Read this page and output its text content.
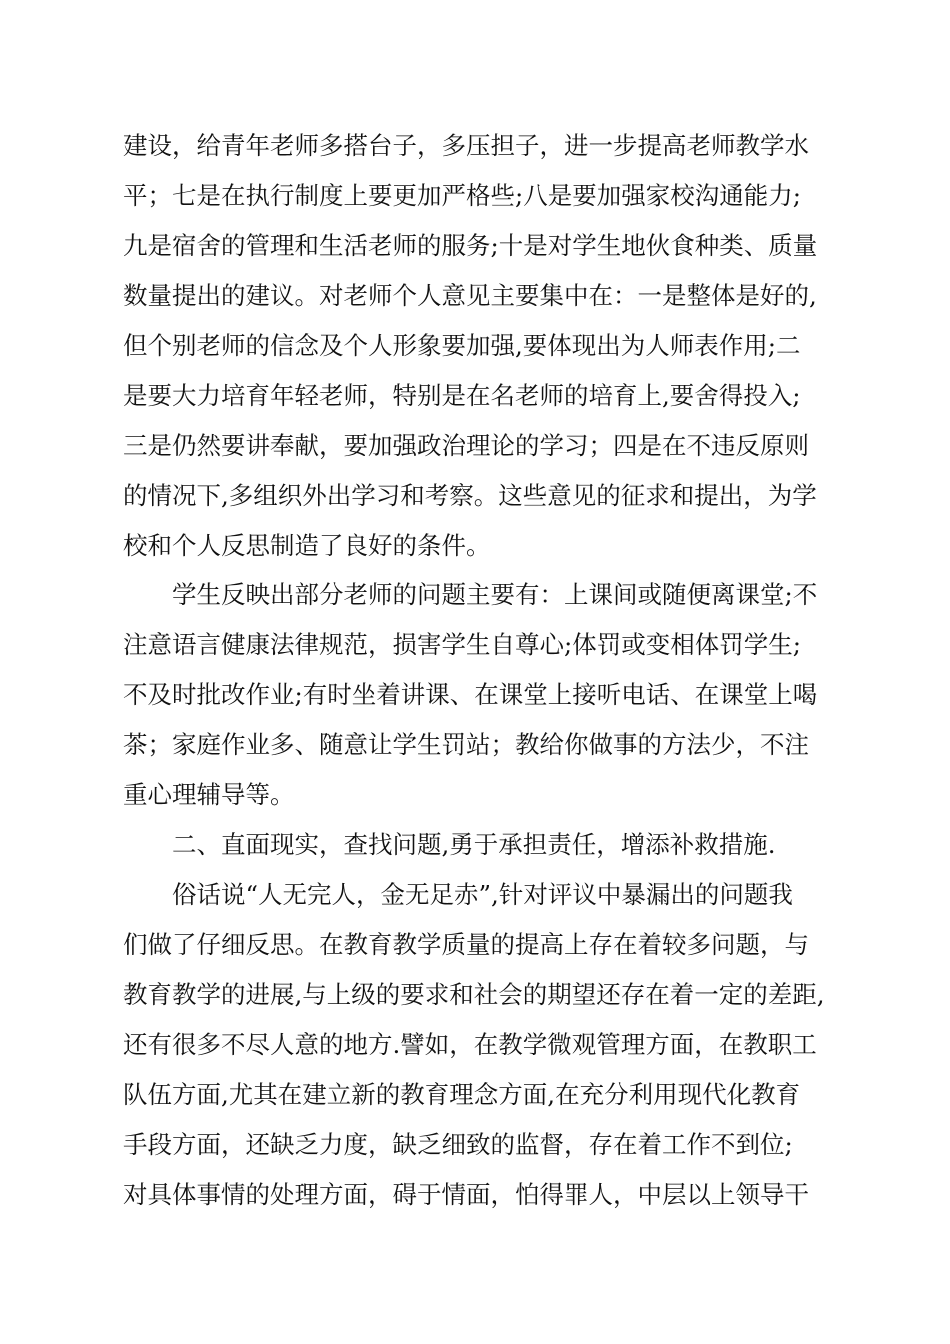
建设，给青年老师多搭台子，多压担子，进一步提高老师教学水
平；七是在执行制度上要更加严格些;八是要加强家校沟通能力;
九是宿舍的管理和生活老师的服务;十是对学生地伙食种类、质量
数量提出的建议。对老师个人意见主要集中在：一是整体是好的,
但个别老师的信念及个人形象要加强,要体现出为人师表作用;二
是要大力培育年轻老师，特别是在名老师的培育上,要舍得投入;
三是仍然要讲奉献，要加强政治理论的学习；四是在不违反原则
的情况下,多组织外出学习和考察。这些意见的征求和提出，为学
校和个人反思制造了良好的条件。
学生反映出部分老师的问题主要有：上课间或随便离课堂;不
注意语言健康法律规范，损害学生自尊心;体罚或变相体罚学生;
不及时批改作业;有时坐着讲课、在课堂上接听电话、在课堂上喝
茶；家庭作业多、随意让学生罚站；教给你做事的方法少，不注
重心理辅导等。
二、直面现实，查找问题,勇于承担责任，增添补救措施.
俗话说“人无完人，金无足赤”,针对评议中暴漏出的问题我
们做了仔细反思。在教育教学质量的提高上存在着较多问题，与
教育教学的进展,与上级的要求和社会的期望还存在着一定的差距,
还有很多不尽人意的地方.譬如，在教学微观管理方面，在教职工
队伍方面,尤其在建立新的教育理念方面,在充分利用现代化教育
手段方面，还缺乏力度，缺乏细致的监督，存在着工作不到位;
对具体事情的处理方面，碍于情面，怕得罪人，中层以上领导干
